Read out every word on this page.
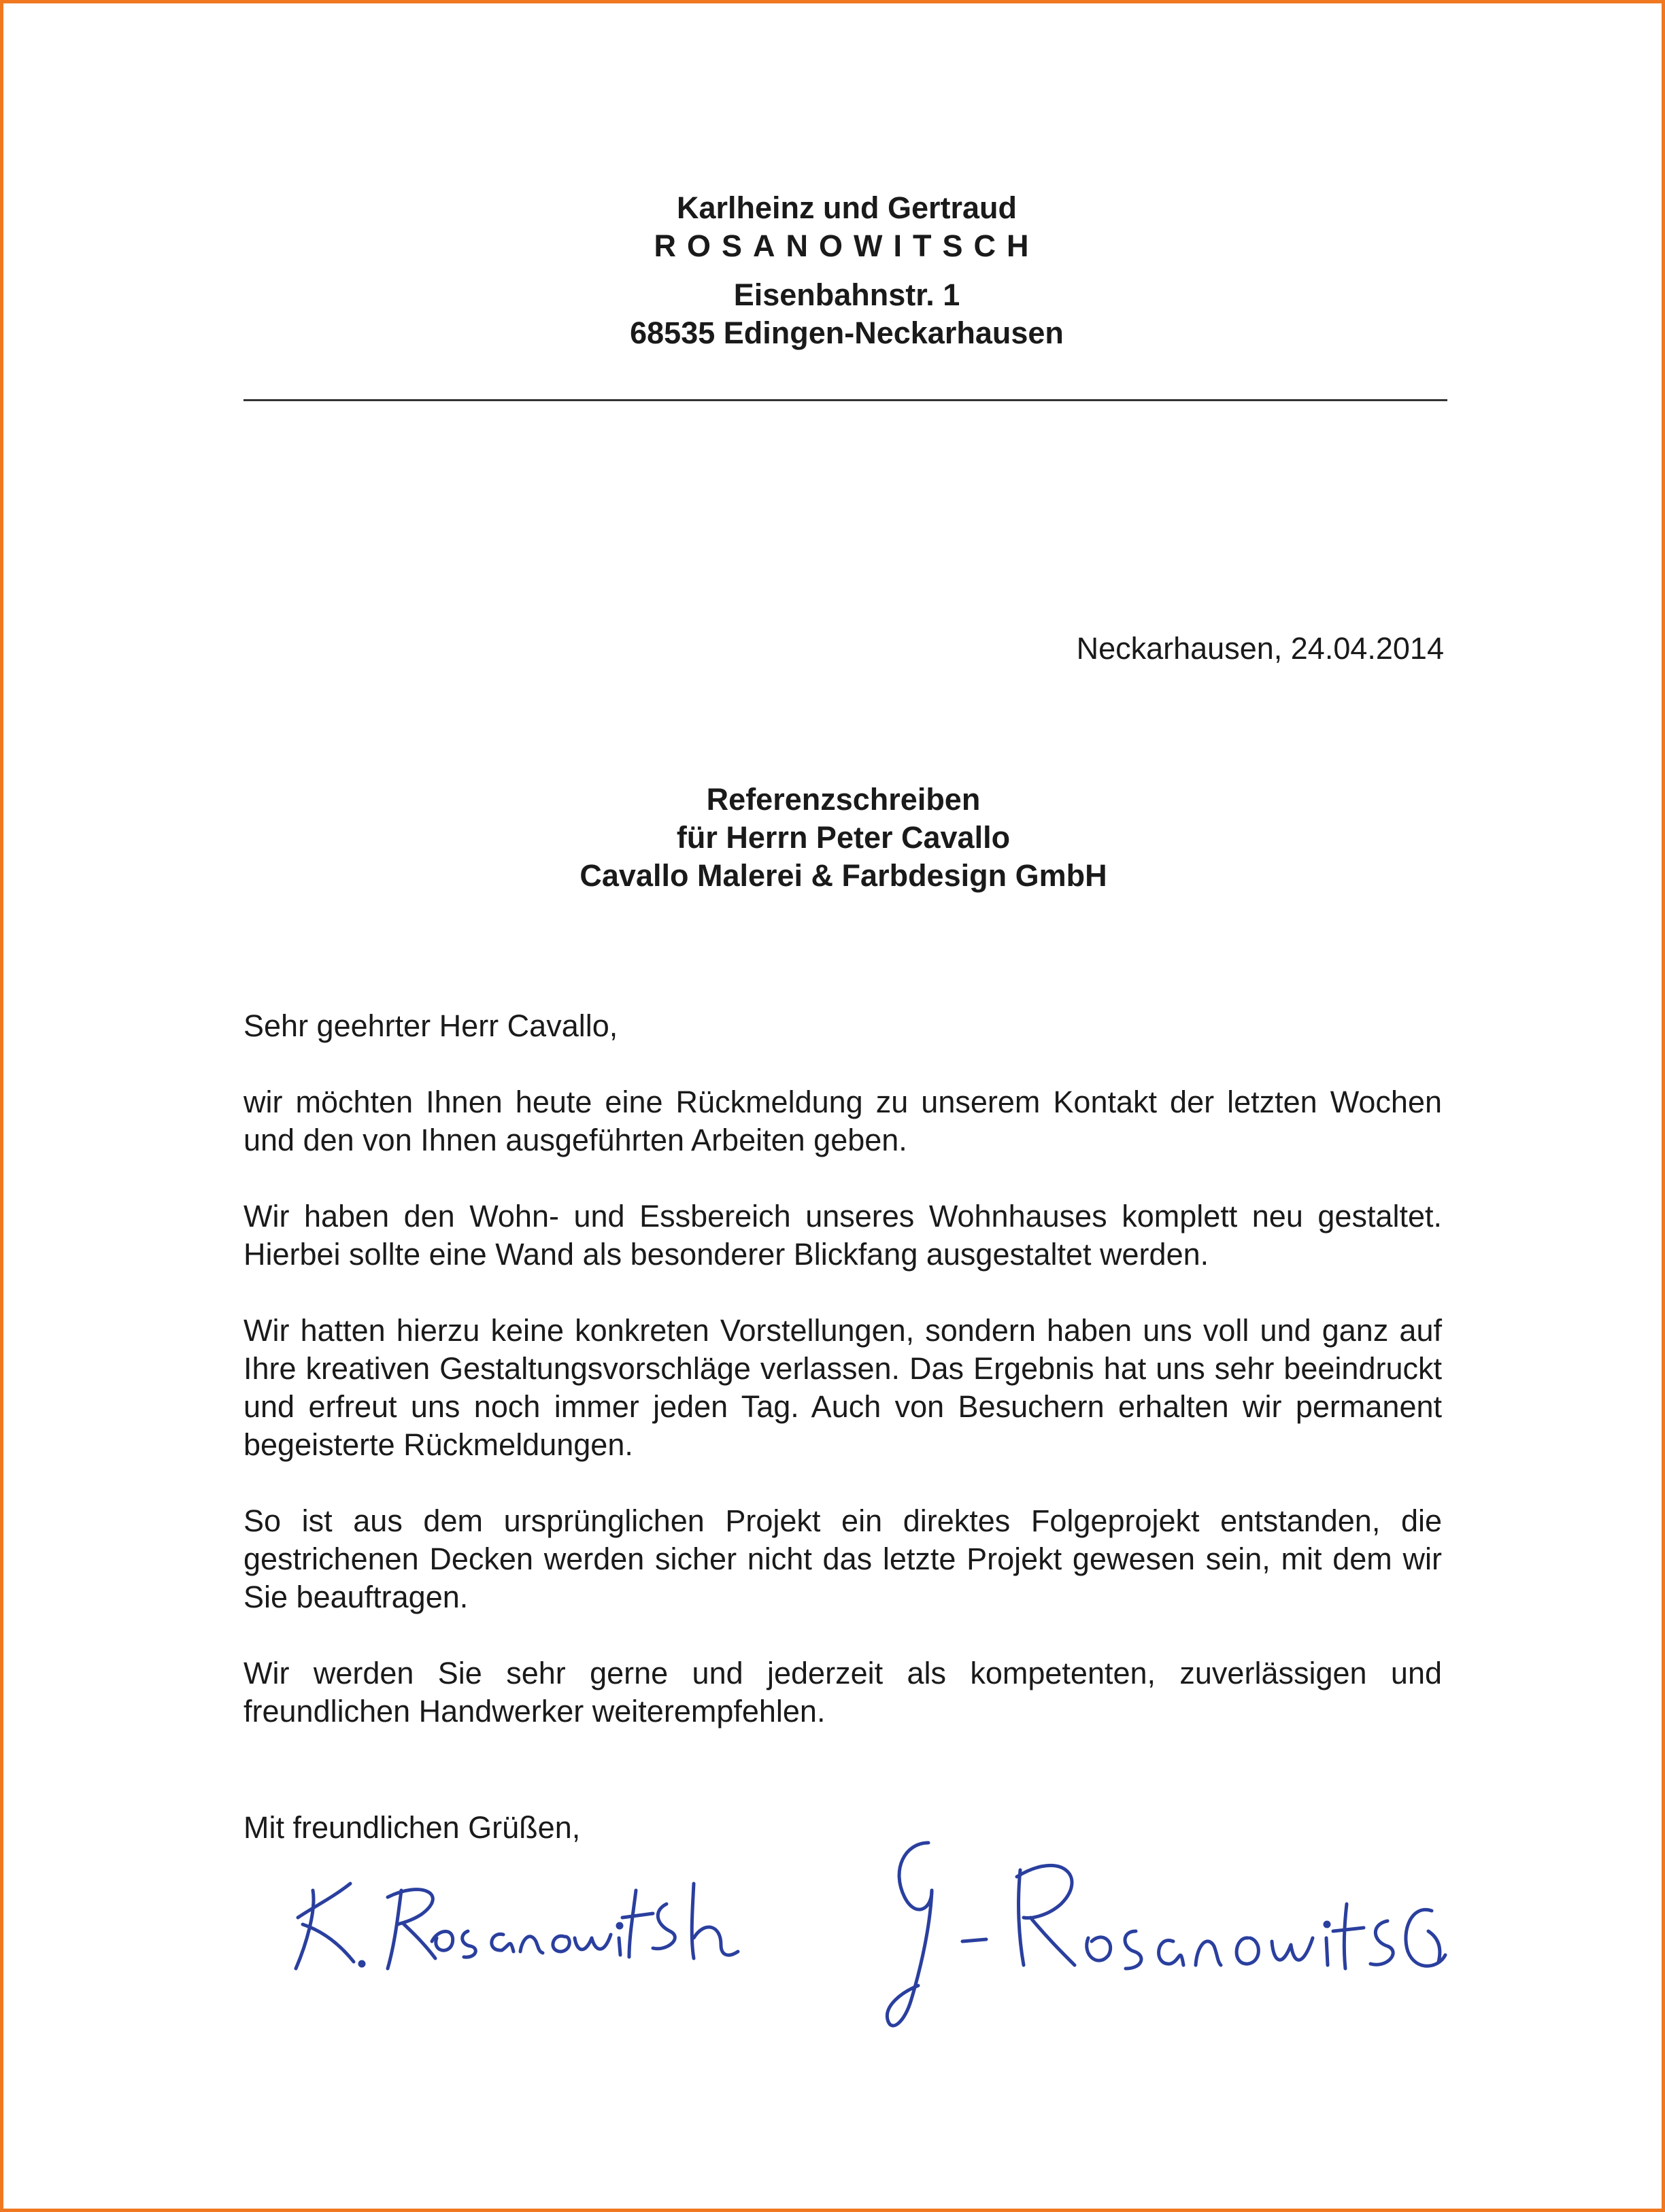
Karlheinz und Gertraud
ROSANOWITSCH
Eisenbahnstr. 1
68535 Edingen-Neckarhausen
Neckarhausen, 24.04.2014
Referenzschreiben
für Herrn Peter Cavallo
Cavallo Malerei & Farbdesign GmbH
Sehr geehrter Herr Cavallo,

wir möchten Ihnen heute eine Rückmeldung zu unserem Kontakt der letzten Wochen und den von Ihnen ausgeführten Arbeiten geben.

Wir haben den Wohn- und Essbereich unseres Wohnhauses komplett neu gestaltet. Hierbei sollte eine Wand als besonderer Blickfang ausgestaltet werden.

Wir hatten hierzu keine konkreten Vorstellungen, sondern haben uns voll und ganz auf Ihre kreativen Gestaltungsvorschläge verlassen. Das Ergebnis hat uns sehr beeindruckt und erfreut uns noch immer jeden Tag. Auch von Besuchern erhalten wir permanent begeisterte Rückmeldungen.

So ist aus dem ursprünglichen Projekt ein direktes Folgeprojekt entstanden, die gestrichenen Decken werden sicher nicht das letzte Projekt gewesen sein, mit dem wir Sie beauftragen.

Wir werden Sie sehr gerne und jederzeit als kompetenten, zuverlässigen und freundlichen Handwerker weiterempfehlen.

Mit freundlichen Grüßen,
